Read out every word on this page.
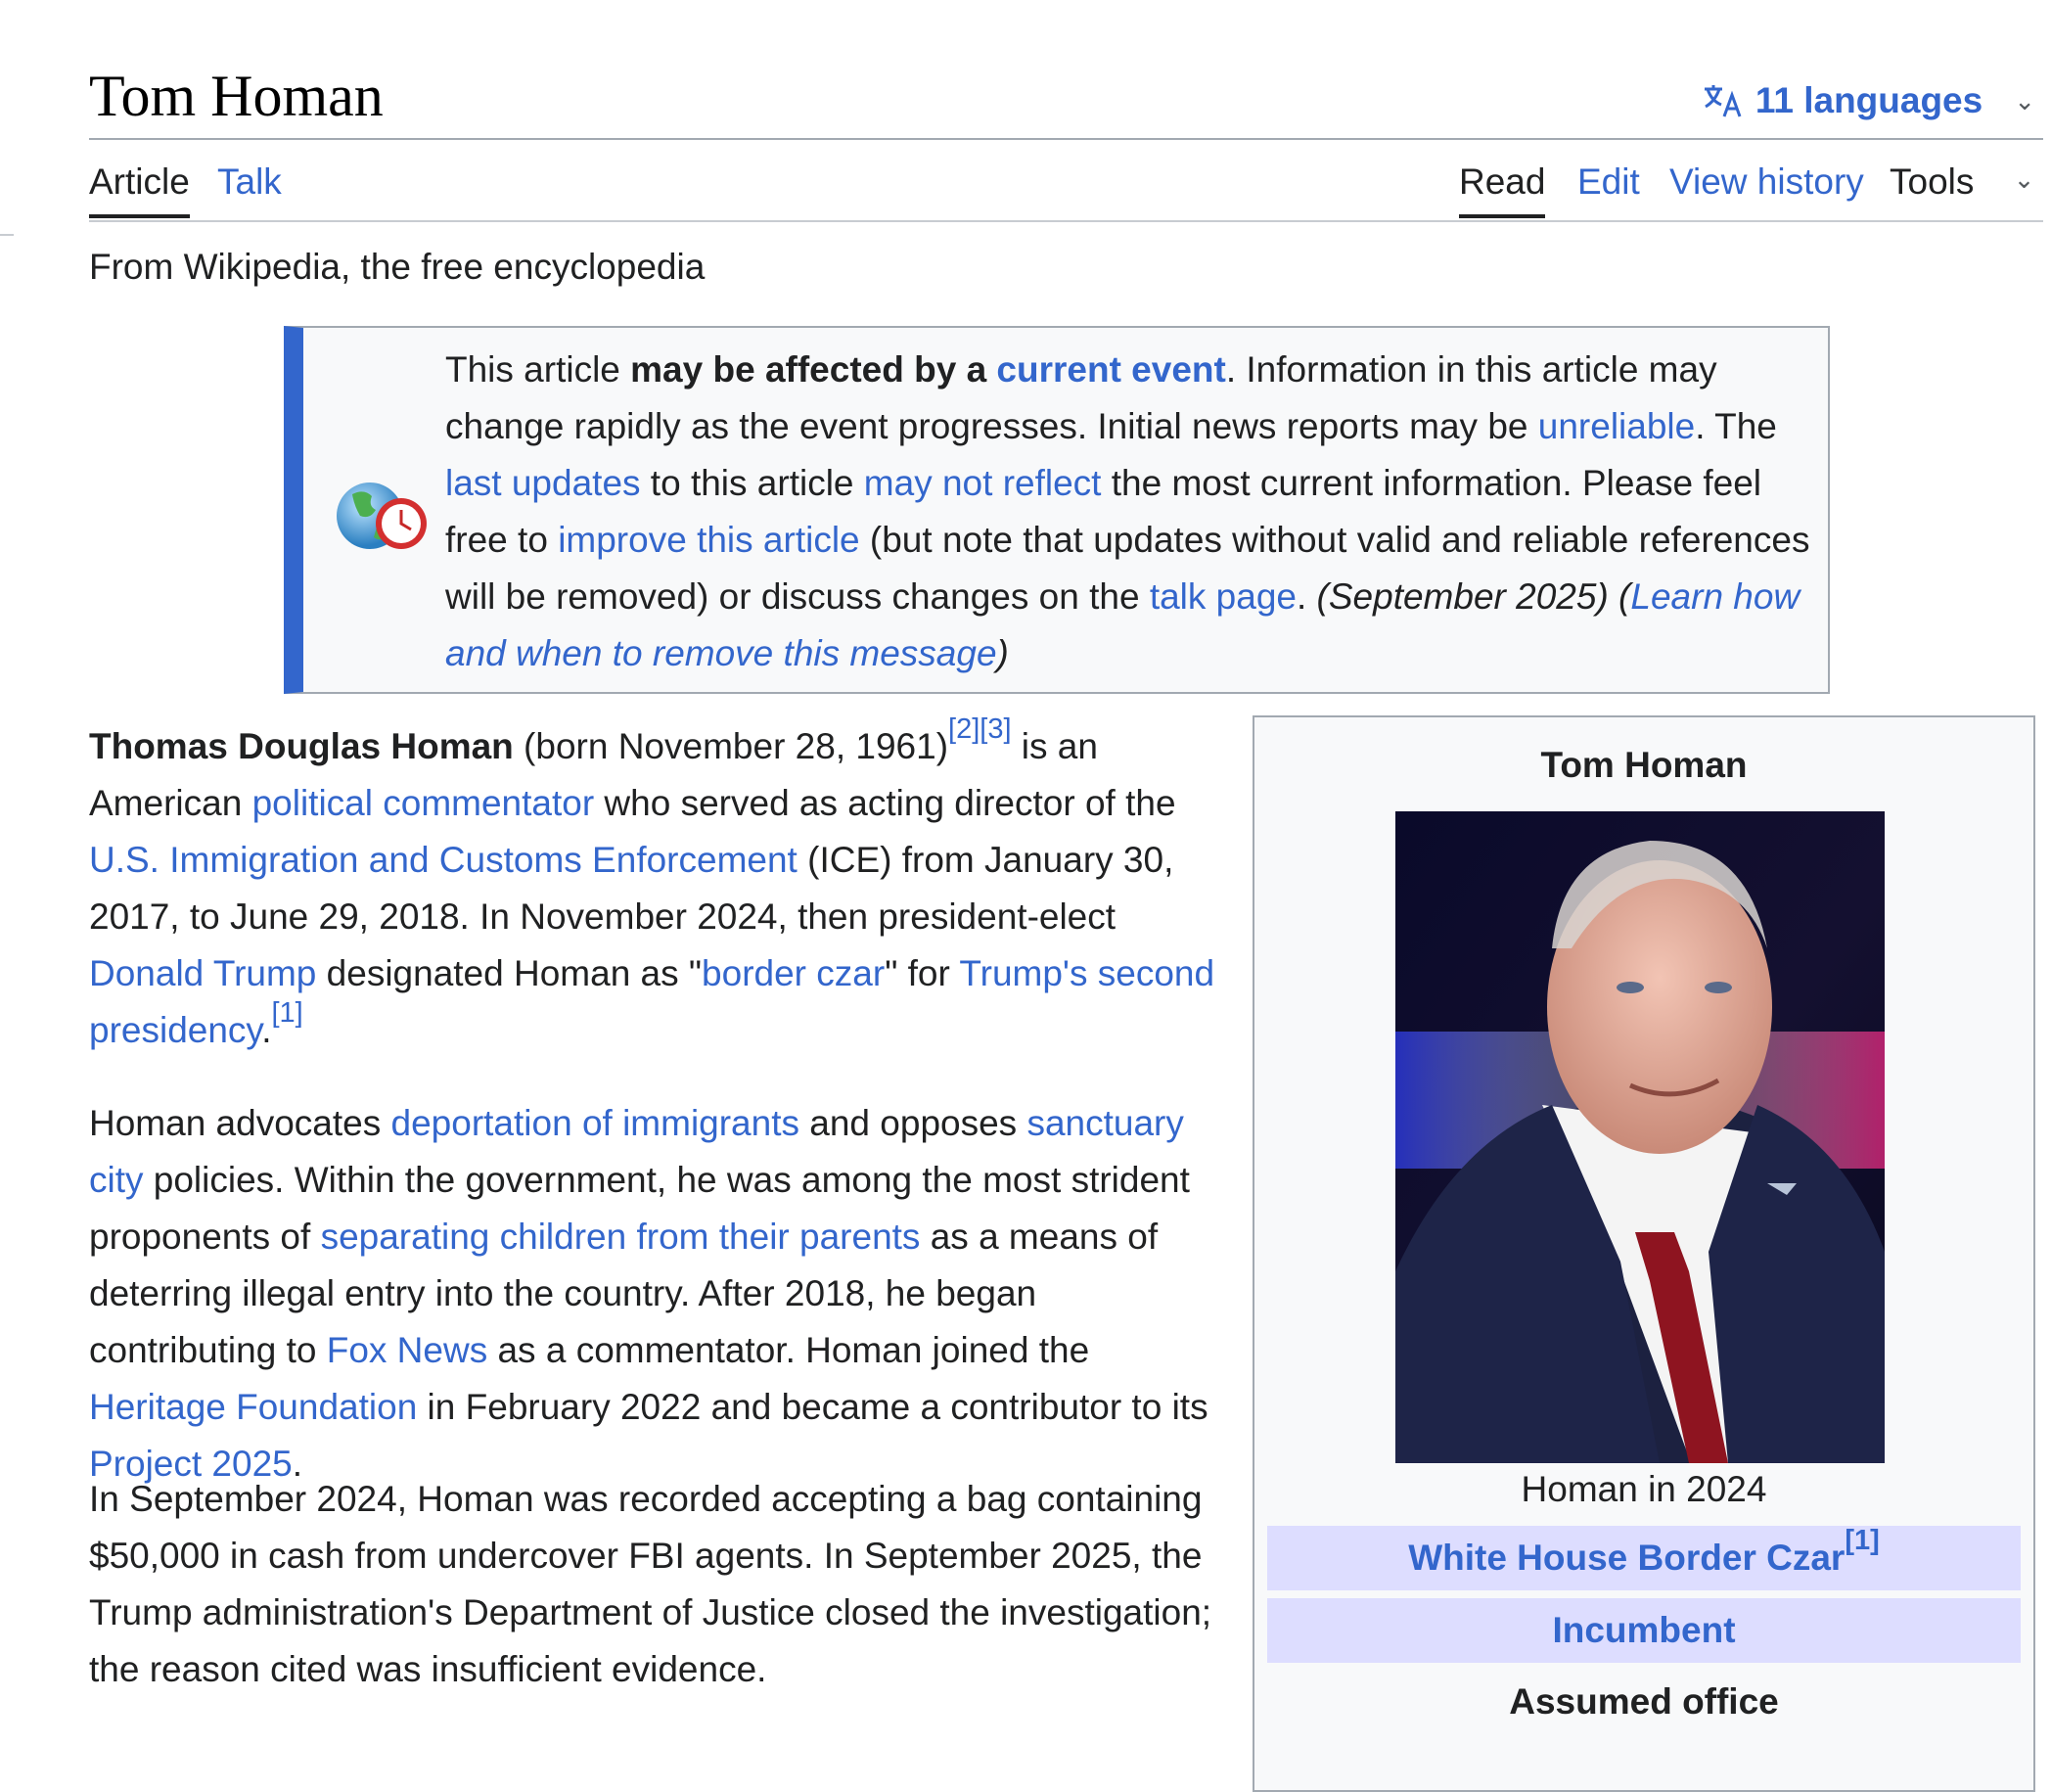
Tom Homan	11 languages ⌄
Article Talk	Read Edit View history Tools ⌄
From Wikipedia, the free encyclopedia
This article may be affected by a current event. Information in this article may change rapidly as the event progresses. Initial news reports may be unreliable. The last updates to this article may not reflect the most current information. Please feel free to improve this article (but note that updates without valid and reliable references will be removed) or discuss changes on the talk page. (September 2025) (Learn how and when to remove this message)
Thomas Douglas Homan (born November 28, 1961)[2][3] is an American political commentator who served as acting director of the U.S. Immigration and Customs Enforcement (ICE) from January 30, 2017, to June 29, 2018. In November 2024, then president-elect Donald Trump designated Homan as "border czar" for Trump's second presidency.[1]
Homan advocates deportation of immigrants and opposes sanctuary city policies. Within the government, he was among the most strident proponents of separating children from their parents as a means of deterring illegal entry into the country. After 2018, he began contributing to Fox News as a commentator. Homan joined the Heritage Foundation in February 2022 and became a contributor to its Project 2025.
In September 2024, Homan was recorded accepting a bag containing $50,000 in cash from undercover FBI agents. In September 2025, the Trump administration's Department of Justice closed the investigation; the reason cited was insufficient evidence.
Tom Homan
Homan in 2024
White House Border Czar[1]
Incumbent
Assumed office
